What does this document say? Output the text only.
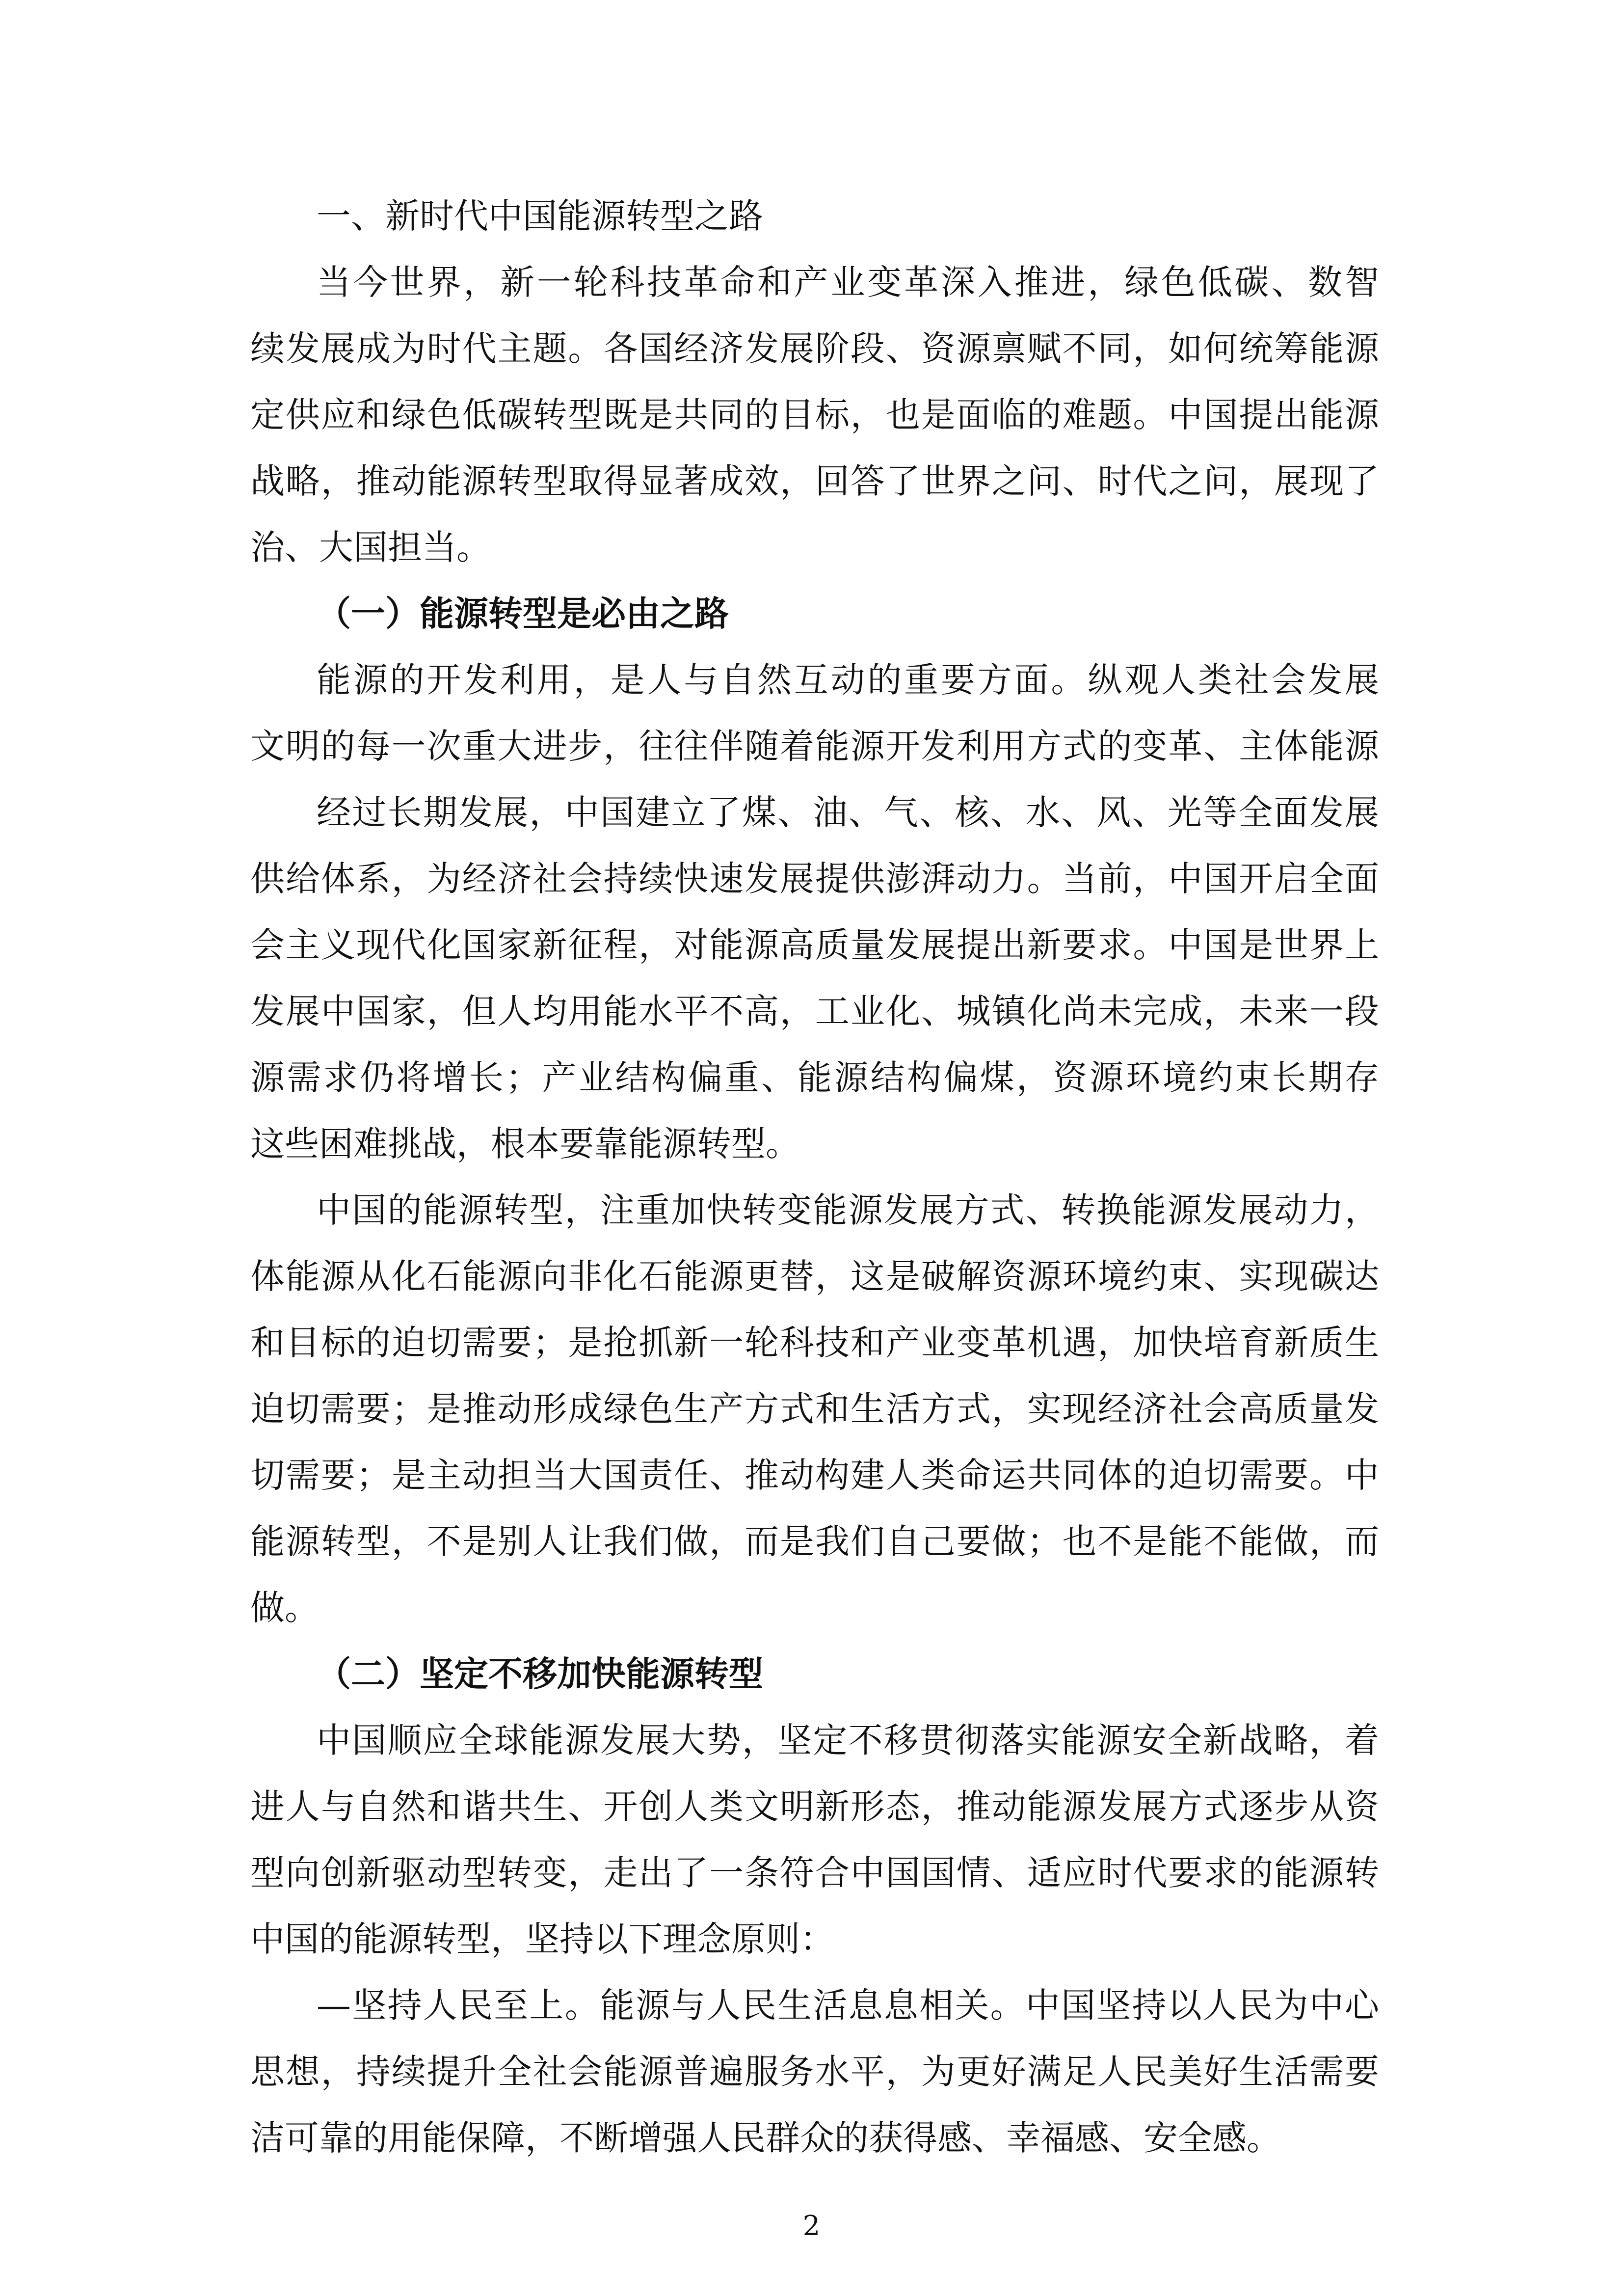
一、新时代中国能源转型之路
当今世界，新一轮科技革命和产业变革深入推进，绿色低碳、数智
续发展成为时代主题。各国经济发展阶段、资源禀赋不同，如何统筹能源
定供应和绿色低碳转型既是共同的目标，也是面临的难题。中国提出能源
战略，推动能源转型取得显著成效，回答了世界之问、时代之问，展现了
治、大国担当。
（一）能源转型是必由之路
能源的开发利用，是人与自然互动的重要方面。纵观人类社会发展
文明的每一次重大进步，往往伴随着能源开发利用方式的变革、主体能源
经过长期发展，中国建立了煤、油、气、核、水、风、光等全面发展
供给体系，为经济社会持续快速发展提供澎湃动力。当前，中国开启全面
会主义现代化国家新征程，对能源高质量发展提出新要求。中国是世界上
发展中国家，但人均用能水平不高，工业化、城镇化尚未完成，未来一段
源需求仍将增长；产业结构偏重、能源结构偏煤，资源环境约束长期存
这些困难挑战，根本要靠能源转型。
中国的能源转型，注重加快转变能源发展方式、转换能源发展动力，
体能源从化石能源向非化石能源更替，这是破解资源环境约束、实现碳达
和目标的迫切需要；是抢抓新一轮科技和产业变革机遇，加快培育新质生
迫切需要；是推动形成绿色生产方式和生活方式，实现经济社会高质量发
切需要；是主动担当大国责任、推动构建人类命运共同体的迫切需要。中
能源转型，不是别人让我们做，而是我们自己要做；也不是能不能做，而
做。
（二）坚定不移加快能源转型
中国顺应全球能源发展大势，坚定不移贯彻落实能源安全新战略，着
进人与自然和谐共生、开创人类文明新形态，推动能源发展方式逐步从资
型向创新驱动型转变，走出了一条符合中国国情、适应时代要求的能源转
中国的能源转型，坚持以下理念原则：
—坚持人民至上。能源与人民生活息息相关。中国坚持以人民为中心
思想，持续提升全社会能源普遍服务水平，为更好满足人民美好生活需要
洁可靠的用能保障，不断增强人民群众的获得感、幸福感、安全感。
2
